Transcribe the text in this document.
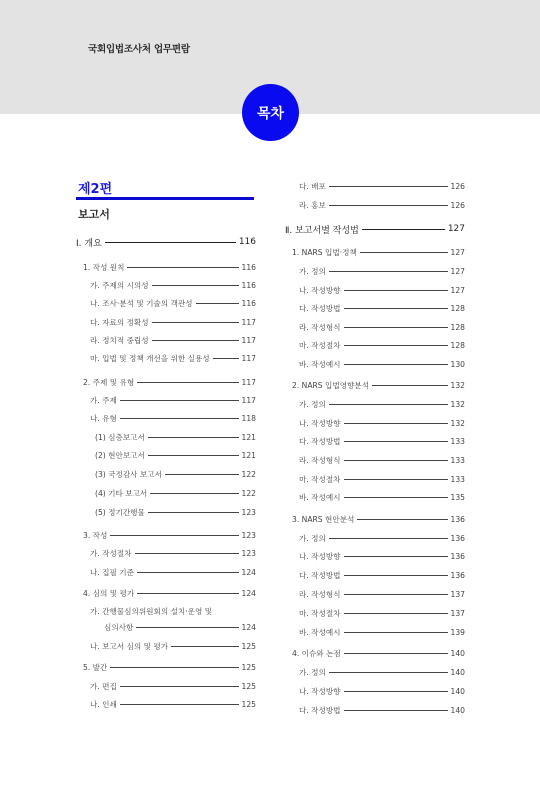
국회입법조사처 업무편람
목차
제2편
보고서
Ⅰ. 개요	116
1. 작성 원칙	116
가. 주제의 시의성	116
나. 조사·분석 및 기술의 객관성	116
다. 자료의 정확성	117
라. 정치적 중립성	117
마. 입법 및 정책 개선을 위한 실용성	117
2. 주제 및 유형	117
가. 주제	117
나. 유형	118
(1) 심층보고서	121
(2) 현안보고서	121
(3) 국정감사 보고서	122
(4) 기타 보고서	122
(5) 정기간행물	123
3. 작성	123
가. 작성절차	123
나. 집필 기준	124
4. 심의 및 평가	124
가. 간행물심의위원회의 설치·운영 및
심의사항	124
나. 보고서 심의 및 평가	125
5. 발간	125
가. 편집	125
나. 인쇄	125
다. 배포	126
라. 홍보	126
Ⅱ. 보고서별 작성법	127
1. NARS 입법·정책	127
가. 정의	127
나. 작성방향	127
다. 작성방법	128
라. 작성형식	128
마. 작성절차	128
바. 작성예시	130
2. NARS 입법영향분석	132
가. 정의	132
나. 작성방향	132
다. 작성방법	133
라. 작성형식	133
마. 작성절차	133
바. 작성예시	135
3. NARS 현안분석	136
가. 정의	136
나. 작성방향	136
다. 작성방법	136
라. 작성형식	137
마. 작성절차	137
바. 작성예시	139
4. 이슈와 논점	140
가. 정의	140
나. 작성방향	140
다. 작성방법	140
